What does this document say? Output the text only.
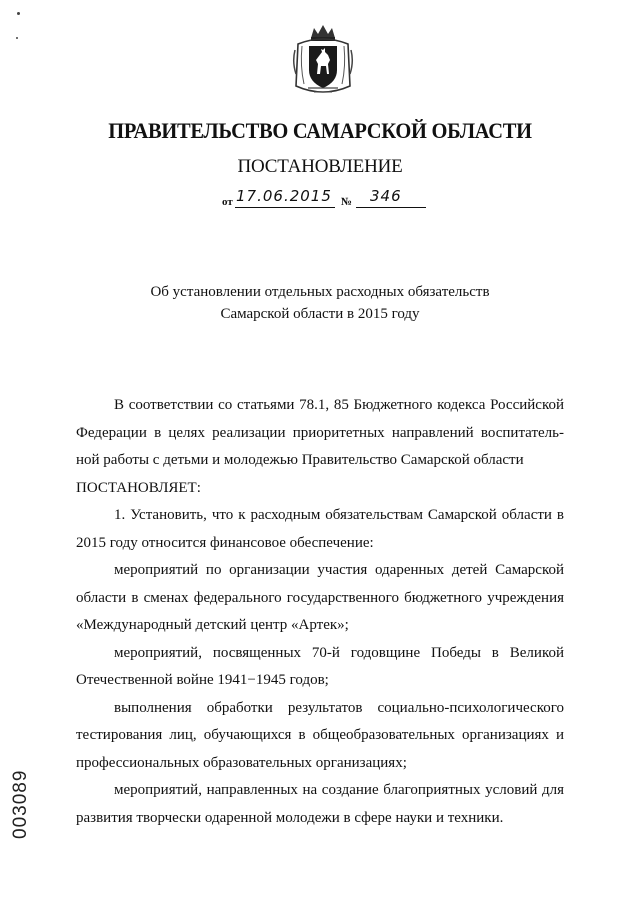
ПРАВИТЕЛЬСТВО САМАРСКОЙ ОБЛАСТИ
ПОСТАНОВЛЕНИЕ
от 17.06.2015 № 346
Об установлении отдельных расходных обязательств
Самарской области в 2015 году

В соответствии со статьями 78.1, 85 Бюджетного кодекса Российской Федерации в целях реализации приоритетных направлений воспитатель- ной работы с детьми и молодежью Правительство Самарской области

ПОСТАНОВЛЯЕТ:

1. Установить, что к расходным обязательствам Самарской области в 2015 году относится финансовое обеспечение:

мероприятий по организации участия одаренных детей Самарской области в сменах федерального государственного бюджетного учреждения «Международный детский центр «Артек»;

мероприятий, посвященных 70-й годовщине Победы в Великой Отечественной войне 1941−1945 годов;

выполнения обработки результатов социально-психологического тестирования лиц, обучающихся в общеобразовательных организациях и профессиональных образовательных организациях;

мероприятий, направленных на создание благоприятных условий для развития творчески одаренной молодежи в сфере науки и техники.

003089
